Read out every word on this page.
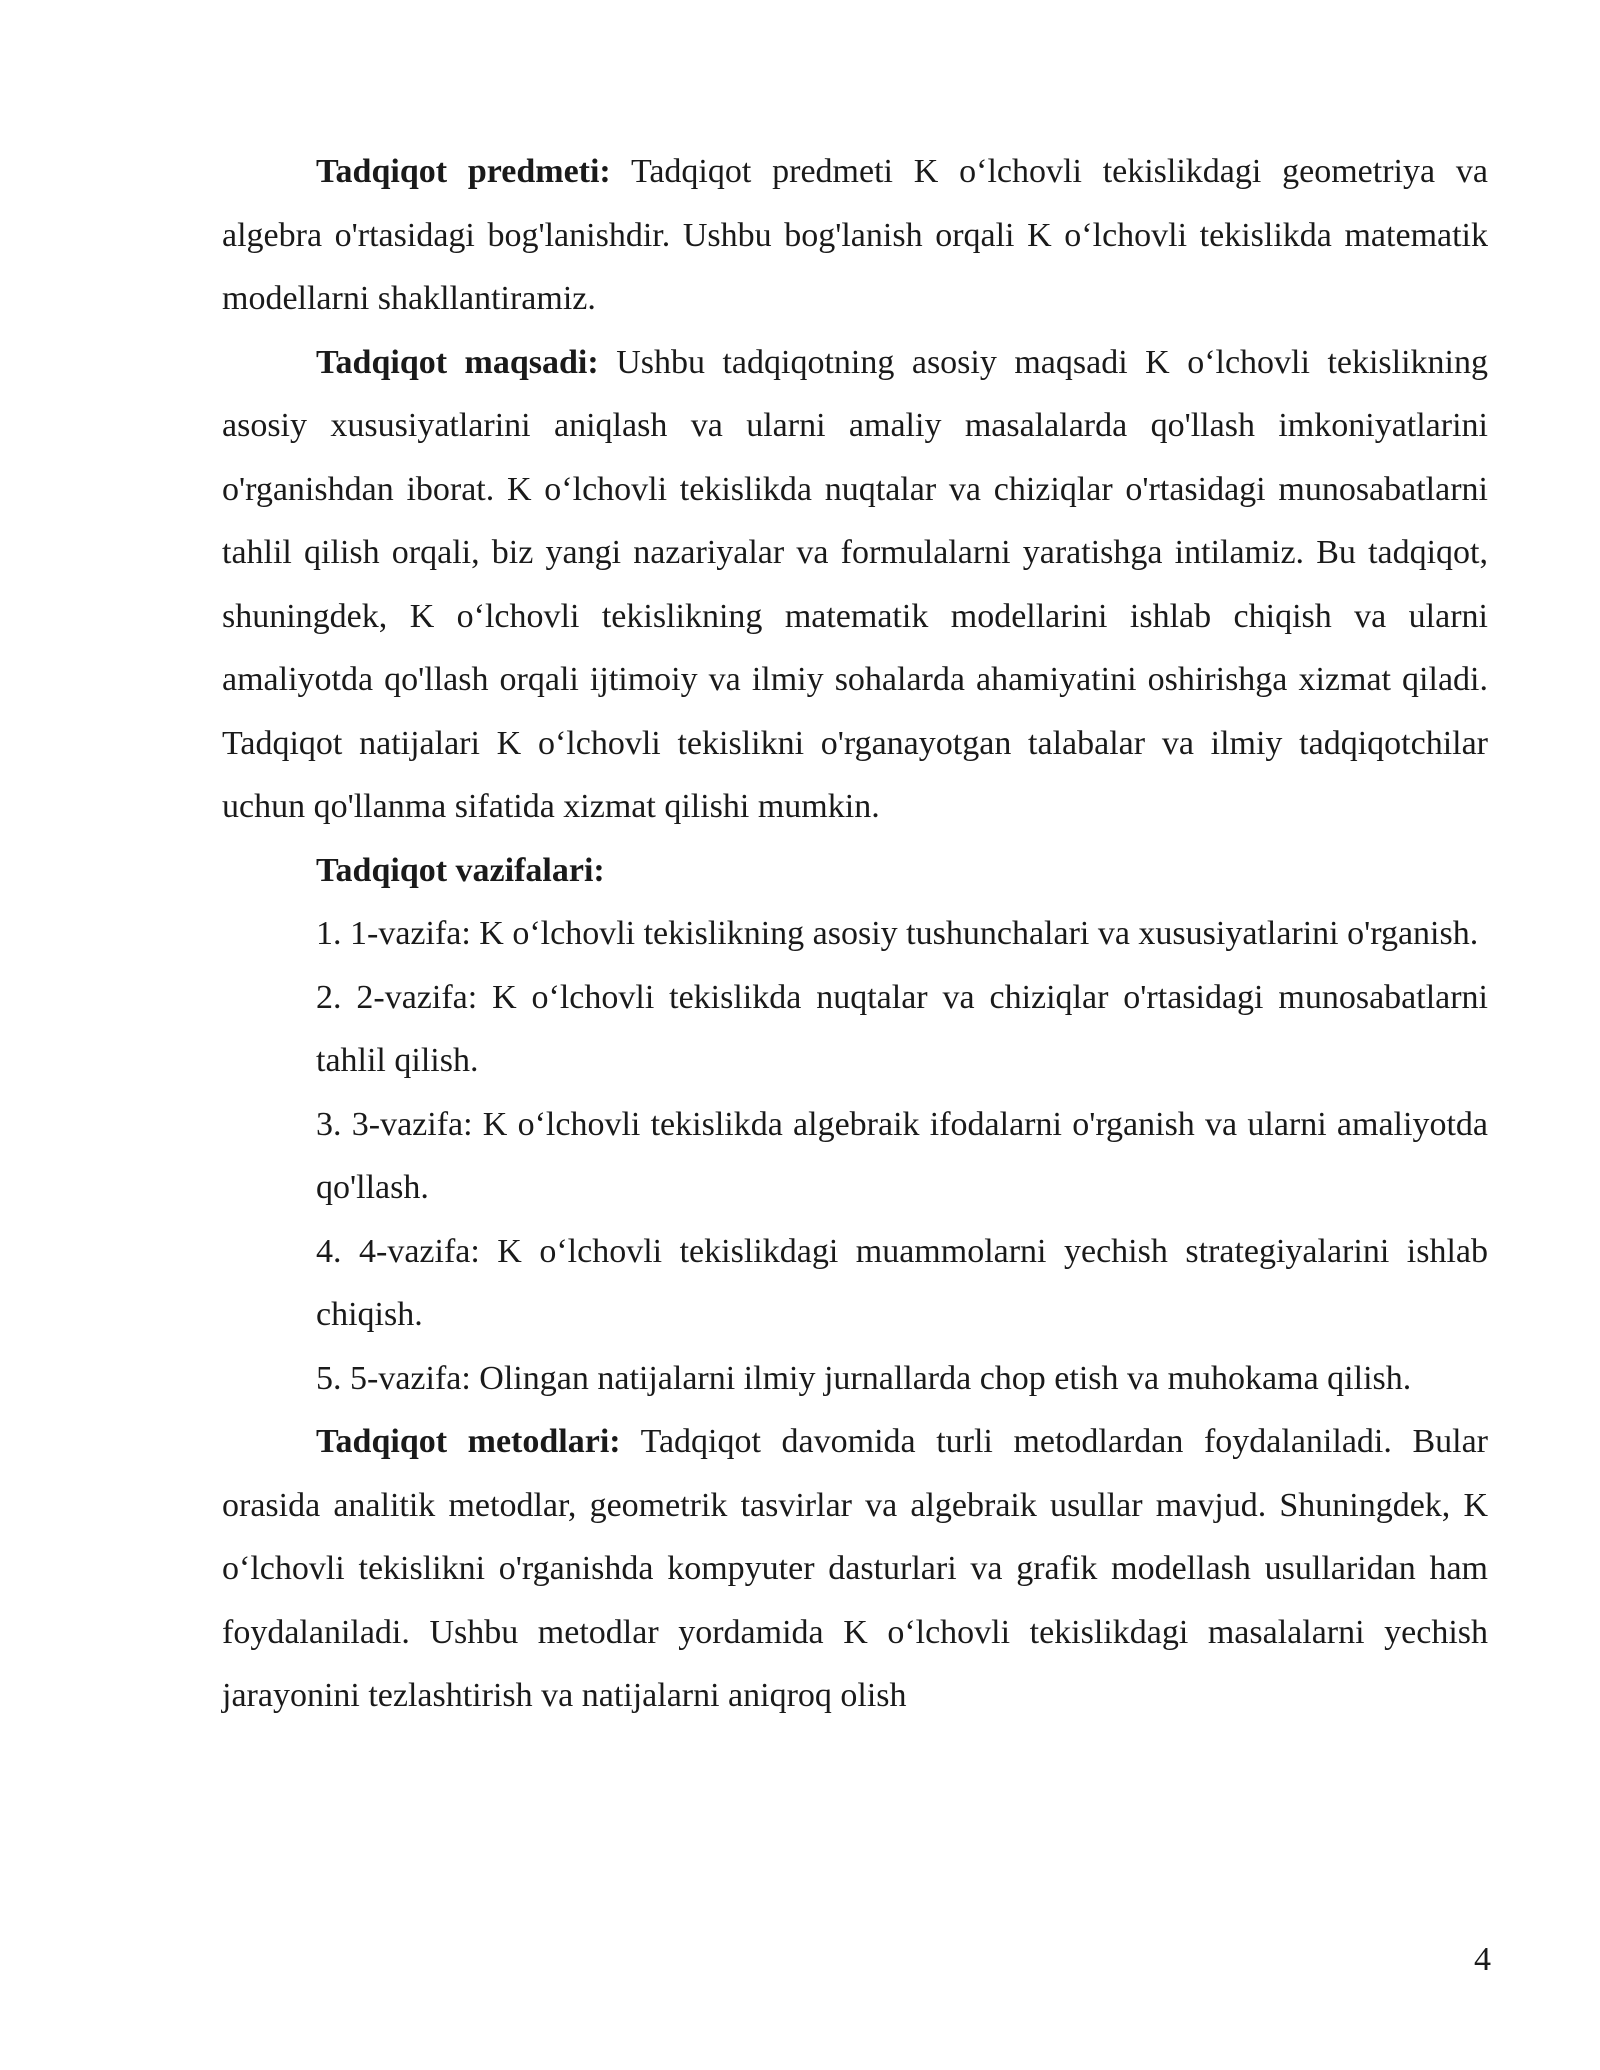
Tadqiqot predmeti: Tadqiqot predmeti K oʻlchovli tekislikdagi geometriya va algebra o'rtasidagi bog'lanishdir. Ushbu bog'lanish orqali K oʻlchovli tekislikda matematik modellarni shakllantiramiz.

Tadqiqot maqsadi: Ushbu tadqiqotning asosiy maqsadi K oʻlchovli tekislikning asosiy xususiyatlarini aniqlash va ularni amaliy masalalarda qo'llash imkoniyatlarini o'rganishdan iborat. K oʻlchovli tekislikda nuqtalar va chiziqlar o'rtasidagi munosabatlarni tahlil qilish orqali, biz yangi nazariyalar va formulalarni yaratishga intilamiz. Bu tadqiqot, shuningdek, K oʻlchovli tekislikning matematik modellarini ishlab chiqish va ularni amaliyotda qo'llash orqali ijtimoiy va ilmiy sohalarda ahamiyatini oshirishga xizmat qiladi. Tadqiqot natijalari K oʻlchovli tekislikni o'rganayotgan talabalar va ilmiy tadqiqotchilar uchun qo'llanma sifatida xizmat qilishi mumkin.

Tadqiqot vazifalari:

1. 1-vazifa: K oʻlchovli tekislikning asosiy tushunchalari va xususiyatlarini o'rganish.
2. 2-vazifa: K oʻlchovli tekislikda nuqtalar va chiziqlar o'rtasidagi munosabatlarni tahlil qilish.
3. 3-vazifa: K oʻlchovli tekislikda algebraik ifodalarni o'rganish va ularni amaliyotda qo'llash.
4. 4-vazifa: K oʻlchovli tekislikdagi muammolarni yechish strategiyalarini ishlab chiqish.
5. 5-vazifa: Olingan natijalarni ilmiy jurnallarda chop etish va muhokama qilish.

Tadqiqot metodlari: Tadqiqot davomida turli metodlardan foydalaniladi. Bular orasida analitik metodlar, geometrik tasvirlar va algebraik usullar mavjud. Shuningdek, K oʻlchovli tekislikni o'rganishda kompyuter dasturlari va grafik modellash usullaridan ham foydalaniladi. Ushbu metodlar yordamida K oʻlchovli tekislikdagi masalalarni yechish jarayonini tezlashtirish va natijalarni aniqroq olish

4
